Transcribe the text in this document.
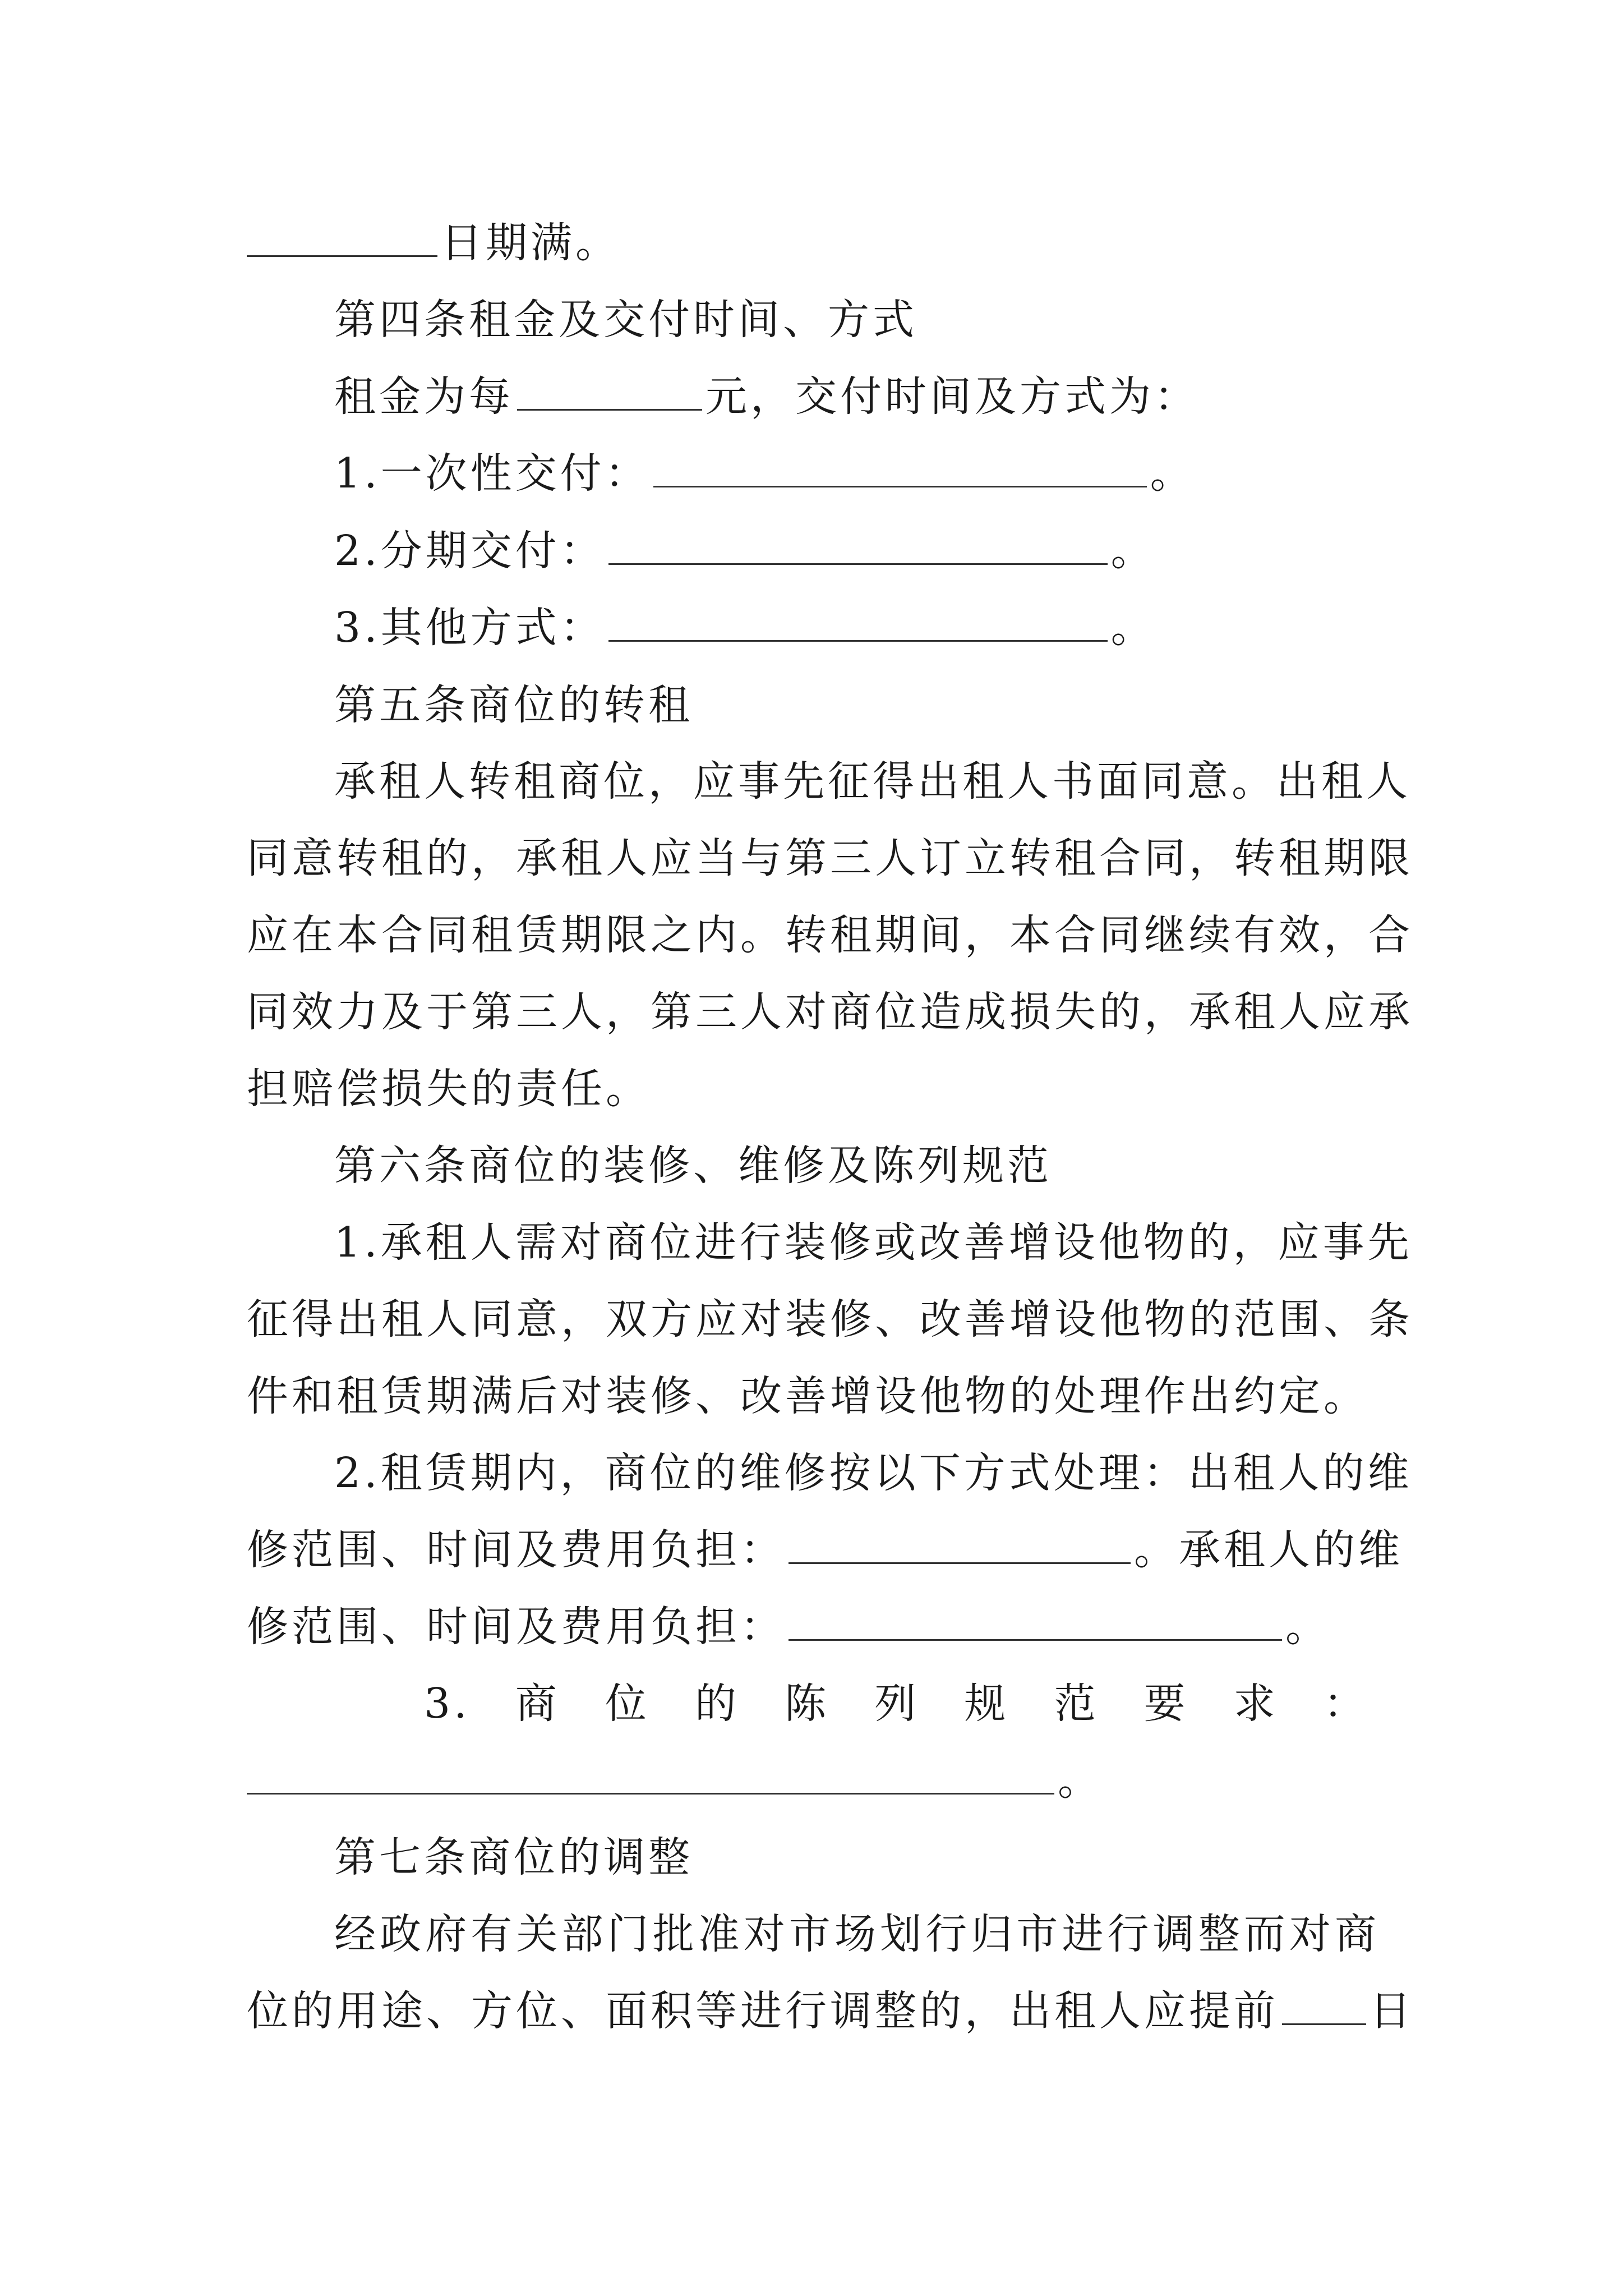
日期满。
第四条租金及交付时间、方式
租金为每	元，交付时间及方式为：
1.一次性交付：	。
2.分期交付：	。
3.其他方式：	。
第五条商位的转租
承租人转租商位，应事先征得出租人书面同意。出租人
同意转租的，承租人应当与第三人订立转租合同，转租期限
应在本合同租赁期限之内。转租期间，本合同继续有效，合
同效力及于第三人，第三人对商位造成损失的，承租人应承
担赔偿损失的责任。
第六条商位的装修、维修及陈列规范
1.承租人需对商位进行装修或改善增设他物的，应事先
征得出租人同意，双方应对装修、改善增设他物的范围、条
件和租赁期满后对装修、改善增设他物的处理作出约定。
2.租赁期内，商位的维修按以下方式处理：出租人的维
修范围、时间及费用负担：	。承租人的维
修范围、时间及费用负担：	。
3. 商 位 的 陈 列 规 范 要 求 ：
。
第七条商位的调整
经政府有关部门批准对市场划行归市进行调整而对商
位的用途、方位、面积等进行调整的，出租人应提前 日
